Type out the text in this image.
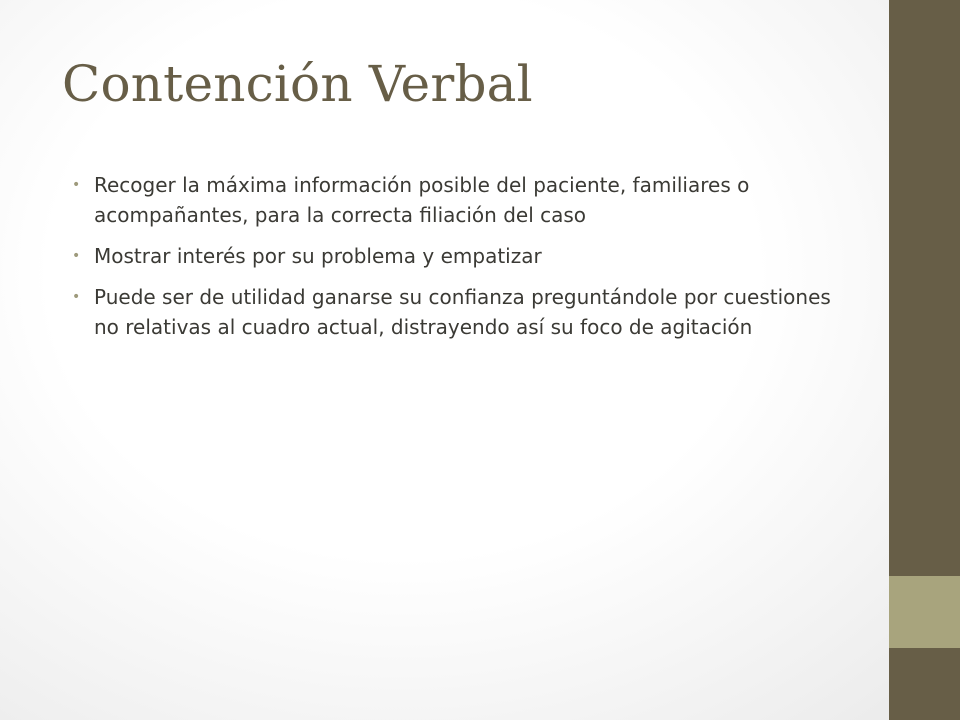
Contención Verbal
• Recoger la máxima información posible del paciente, familiares o acompañantes, para la correcta filiación del caso
• Mostrar interés por su problema y empatizar
• Puede ser de utilidad ganarse su confianza preguntándole por cuestiones no relativas al cuadro actual, distrayendo así su foco de agitación
